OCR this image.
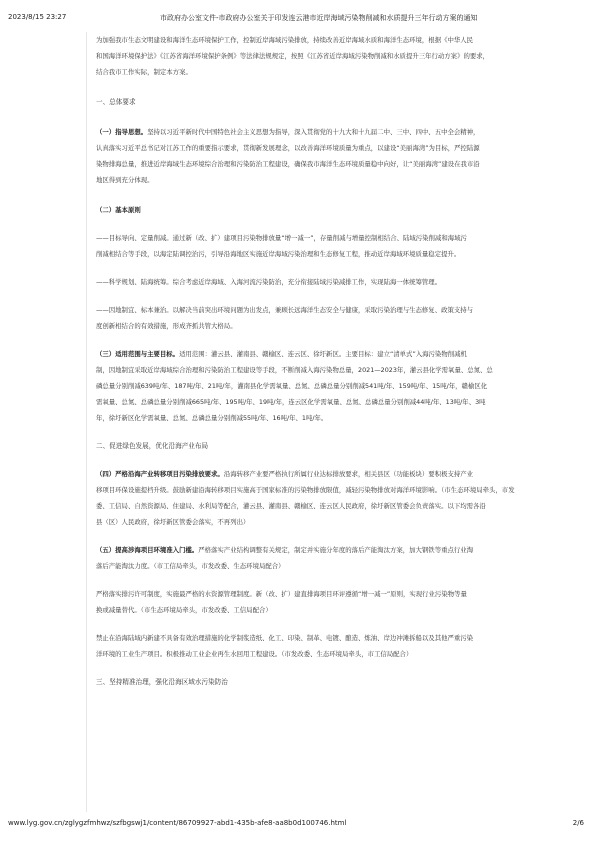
2023/8/15 23:27	市政府办公室文件-市政府办公室关于印发连云港市近岸海域污染物削减和水质提升三年行动方案的通知

为加强我市生态文明建设和海洋生态环境保护工作，控制近岸海域污染排放，持续改善近岸海域水质和海洋生态环境，根据《中华人民

和国海洋环境保护法》《江苏省海洋环境保护条例》等法律法规规定，按照《江苏省近岸海域污染物削减和水质提升三年行动方案》的要求，

结合我市工作实际，制定本方案。

一、总体要求

（一）指导思想。坚持以习近平新时代中国特色社会主义思想为指导，深入贯彻党的十九大和十九届二中、三中、四中、五中全会精神，

认真落实习近平总书记对江苏工作的重要指示要求，贯彻新发展理念，以改善海洋环境质量为重点，以建设“美丽海湾”为目标，严控陆源

染物排海总量，推进近岸海域生态环境综合治理和污染防治工程建设，确保我市海洋生态环境质量稳中向好，让“美丽海湾”建设在我市沿

地区得到充分体现。

（二）基本原则

——目标导向、定量削减。通过新（改、扩）建项目污染物排放量“增一减一”，存量削减与增量控制相结合、陆域污染削减和海域污

削减相结合等手段，以海定陆调控治污，引导沿海地区实施近岸海域污染治理和生态修复工程，推动近岸海域环境质量稳定提升。

——科学规划、陆海统筹。综合考虑近岸海域、入海河流污染防治，充分衔接陆域污染减排工作，实现陆海一体统筹管理。

——因地制宜、标本兼治。以解决当前突出环境问题为出发点，兼顾长远海洋生态安全与健康，采取污染治理与生态修复、政策支持与

度创新相结合的有效措施，形成齐抓共管大格局。

（三）适用范围与主要目标。适用范围：灌云县、灌南县、赣榆区、连云区、徐圩新区。主要目标：建立“清单式”入海污染物削减机

制，因地制宜采取近岸海域综合治理和污染防治工程建设等手段，不断削减入海污染物总量，2021—2023年，灌云县化学需氧量、总氮、总

磷总量分别削减639吨/年、187吨/年、21吨/年，灌南县化学需氧量、总氮、总磷总量分别削减541吨/年、159吨/年、15吨/年，赣榆区化

需氧量、总氮、总磷总量分别削减665吨/年、195吨/年、19吨/年，连云区化学需氧量、总氮、总磷总量分别削减44吨/年、13吨/年、3吨

年，徐圩新区化学需氧量、总氮、总磷总量分别削减55吨/年、16吨/年、1吨/年。

二、促进绿色发展，优化沿海产业布局

（四）严格沿海产业转移项目污染排放要求。沿海转移产业要严格执行所属行业达标排放要求，相关县区（功能板块）要积极支持产业

移项目环保设施提档升级。鼓励新建沿海转移项目实施高于国家标准的污染物排放限值，减轻污染物排放对海洋环境影响。（市生态环境局牵头，市发

委、工信局、自然资源局、住建局、水利局等配合，灌云县、灌南县、赣榆区、连云区人民政府，徐圩新区管委会负责落实。以下均需各沿

县（区）人民政府，徐圩新区管委会落实，不再列出）

（五）提高涉海项目环境准入门槛。严格落实产业结构调整有关规定，制定并实施分年度的落后产能淘汰方案，加大钢铁等重点行业淘

落后产能淘汰力度。（市工信局牵头，市发改委、生态环境局配合）

严格落实排污许可制度，实施最严格的水资源管理制度。新（改、扩）建直排海项目环评遵循“增一减一”原则，实现行业污染物等量

换或减量替代。（市生态环境局牵头，市发改委、工信局配合）

禁止在沿海陆域内新建不具备有效治理措施的化学制浆造纸、化工、印染、制革、电镀、酿造、炼油、岸边冲滩拆船以及其他严重污染

洋环境的工业生产项目。积极推动工业企业再生水回用工程建设。（市发改委、生态环境局牵头，市工信局配合）

三、坚持精准治理，强化沿海区域水污染防治

www.lyg.gov.cn/zglygzfmhwz/szfbgswj1/content/86709927-abd1-435b-afe8-aa8b0d100746.html	2/6
